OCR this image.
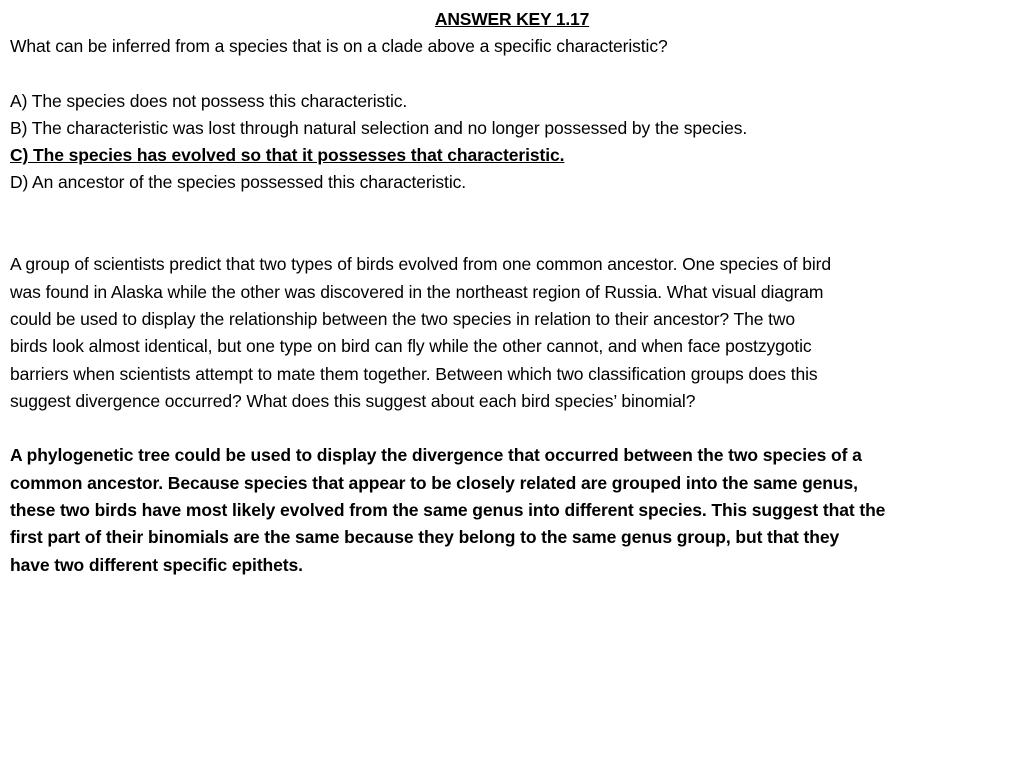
ANSWER KEY 1.17

What can be inferred from a species that is on a clade above a specific characteristic?

A) The species does not possess this characteristic.

B) The characteristic was lost through natural selection and no longer possessed by the species.

C) The species has evolved so that it possesses that characteristic.

D) An ancestor of the species possessed this characteristic.

A group of scientists predict that two types of birds evolved from one common ancestor. One species of bird
was found in Alaska while the other was discovered in the northeast region of Russia. What visual diagram
could be used to display the relationship between the two species in relation to their ancestor? The two
birds look almost identical, but one type on bird can fly while the other cannot, and when face postzygotic
barriers when scientists attempt to mate them together. Between which two classification groups does this
suggest divergence occurred? What does this suggest about each bird species’ binomial?

A phylogenetic tree could be used to display the divergence that occurred between the two species of a
common ancestor. Because species that appear to be closely related are grouped into the same genus,
these two birds have most likely evolved from the same genus into different species. This suggest that the
first part of their binomials are the same because they belong to the same genus group, but that they
have two different specific epithets.
